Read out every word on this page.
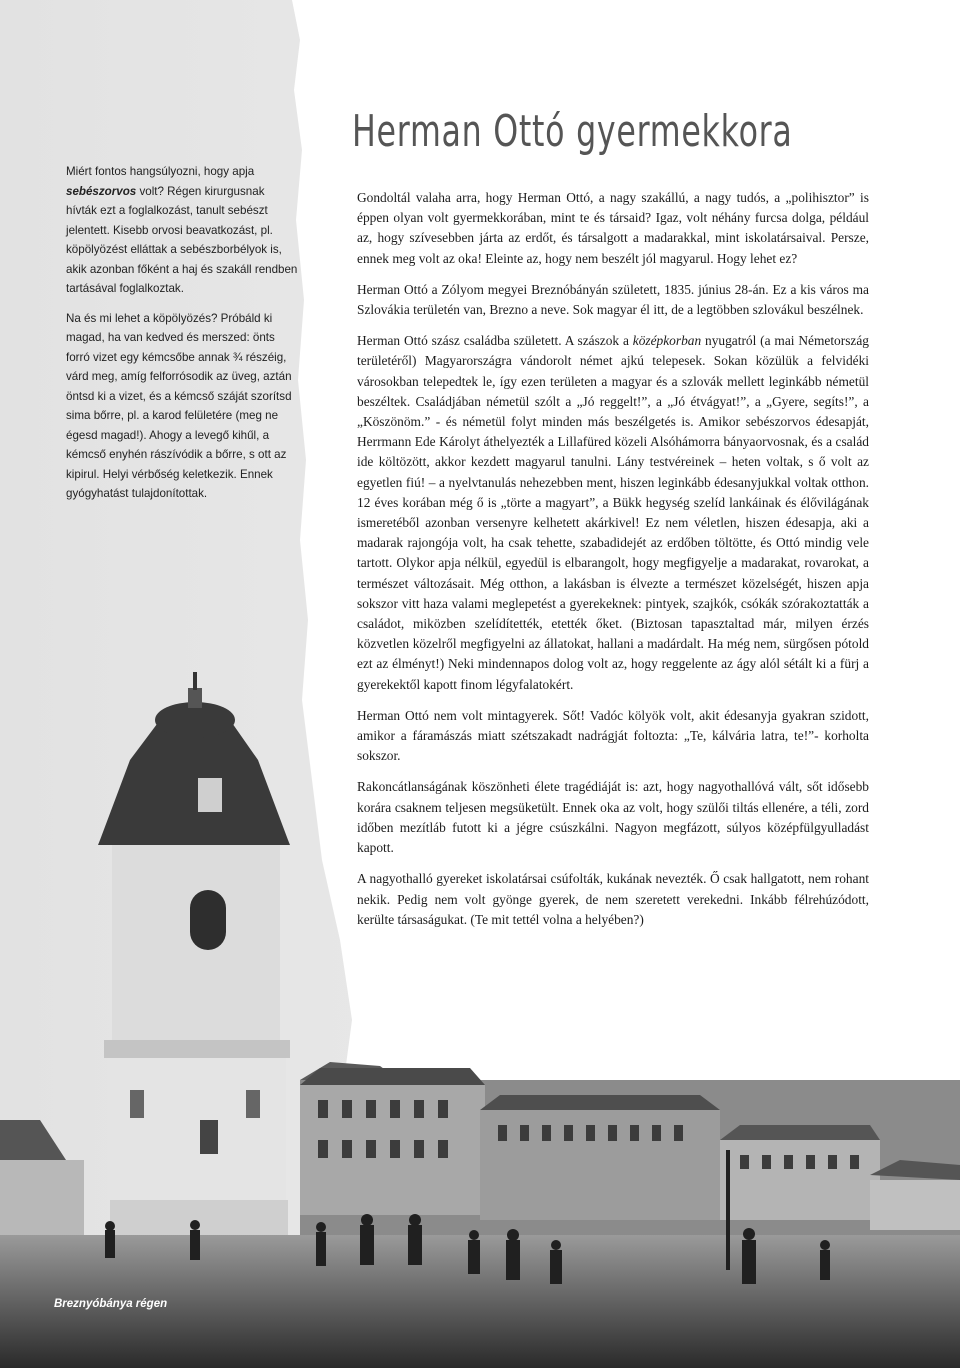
Herman Ottó gyermekkora

Miért fontos hangsúlyozni, hogy apja sebészorvos volt? Régen kirurgusnak hívták ezt a foglalkozást, tanult sebészt jelentett. Kisebb orvosi beavatkozást, pl. köpölyözést elláttak a sebészborbélyok is, akik azonban főként a haj és szakáll rendben tartásával foglalkoztak.

Na és mi lehet a köpölyözés? Próbáld ki magad, ha van kedved és merszed: önts forró vizet egy kémcsőbe annak ¾ részéig, várd meg, amíg felforrósodik az üveg, aztán öntsd ki a vizet, és a kémcső száját szorítsd sima bőrre, pl. a karod felületére (meg ne égesd magad!). Ahogy a levegő kihűl, a kémcső enyhén rászívódik a bőrre, s ott az kipirul. Helyi vérbőség keletkezik. Ennek gyógyhatást tulajdonítottak.

Gondoltál valaha arra, hogy Herman Ottó, a nagy szakállú, a nagy tudós, a „polihisztor” is éppen olyan volt gyermekkorában, mint te és társaid? Igaz, volt néhány furcsa dolga, például az, hogy szívesebben járta az erdőt, és társalgott a madarakkal, mint iskolatársaival. Persze, ennek meg volt az oka! Eleinte az, hogy nem beszélt jól magyarul. Hogy lehet ez?

Herman Ottó a Zólyom megyei Breznóbányán született, 1835. június 28-án. Ez a kis város ma Szlovákia területén van, Brezno a neve. Sok magyar él itt, de a legtöbben szlovákul beszélnek.

Herman Ottó szász családba született. A szászok a középkorban nyugatról (a mai Németország területéről) Magyarországra vándorolt német ajkú telepesek. Sokan közülük a felvidéki városokban telepedtek le, így ezen területen a magyar és a szlovák mellett leginkább németül beszéltek. Családjában németül szólt a „Jó reggelt!”, a „Jó étvágyat!”, a „Gyere, segíts!”, a „Köszönöm.” - és németül folyt minden más beszélgetés is. Amikor sebészorvos édesapját, Herrmann Ede Károlyt áthelyezték a Lillafüred közeli Alsóhámorra bányaorvosnak, és a család ide költözött, akkor kezdett magyarul tanulni. Lány testvéreinek – heten voltak, s ő volt az egyetlen fiú! – a nyelvtanulás nehezebben ment, hiszen leginkább édesanyjukkal voltak otthon. 12 éves korában még ő is „törte a magyart”, a Bükk hegység szelíd lankáinak és élővilágának ismeretéből azonban versenyre kelhetett akárkivel! Ez nem véletlen, hiszen édesapja, aki a madarak rajongója volt, ha csak tehette, szabadidejét az erdőben töltötte, és Ottó mindig vele tartott. Olykor apja nélkül, egyedül is elbarangolt, hogy megfigyelje a madarakat, rovarokat, a természet változásait. Még otthon, a lakásban is élvezte a természet közelségét, hiszen apja sokszor vitt haza valami meglepetést a gyerekeknek: pintyek, szajkók, csókák szórakoztatták a családot, miközben szelídítették, etették őket. (Biztosan tapasztaltad már, milyen érzés közvetlen közelről megfigyelni az állatokat, hallani a madárdalt. Ha még nem, sürgősen pótold ezt az élményt!) Neki mindennapos dolog volt az, hogy reggelente az ágy alól sétált ki a fürj a gyerekektől kapott finom légyfalatokért.

Herman Ottó nem volt mintagyerek. Sőt! Vadóc kölyök volt, akit édesanyja gyakran szidott, amikor a fáramászás miatt szétszakadt nadrágját foltozta: „Te, kálvária latra, te!”- korholta sokszor.

Rakoncátlanságának köszönheti élete tragédiáját is: azt, hogy nagyothallóvá vált, sőt idősebb korára csaknem teljesen megsüketült. Ennek oka az volt, hogy szülői tiltás ellenére, a téli, zord időben mezítláb futott ki a jégre csúszkálni. Nagyon megfázott, súlyos középfülgyulladást kapott.

A nagyothalló gyereket iskolatársai csúfolták, kukának nevezték. Ő csak hallgatott, nem rohant nekik. Pedig nem volt gyönge gyerek, de nem szeretett verekedni. Inkább félrehúzódott, kerülte társaságukat. (Te mit tettél volna a helyében?)

Breznyóbánya régen
